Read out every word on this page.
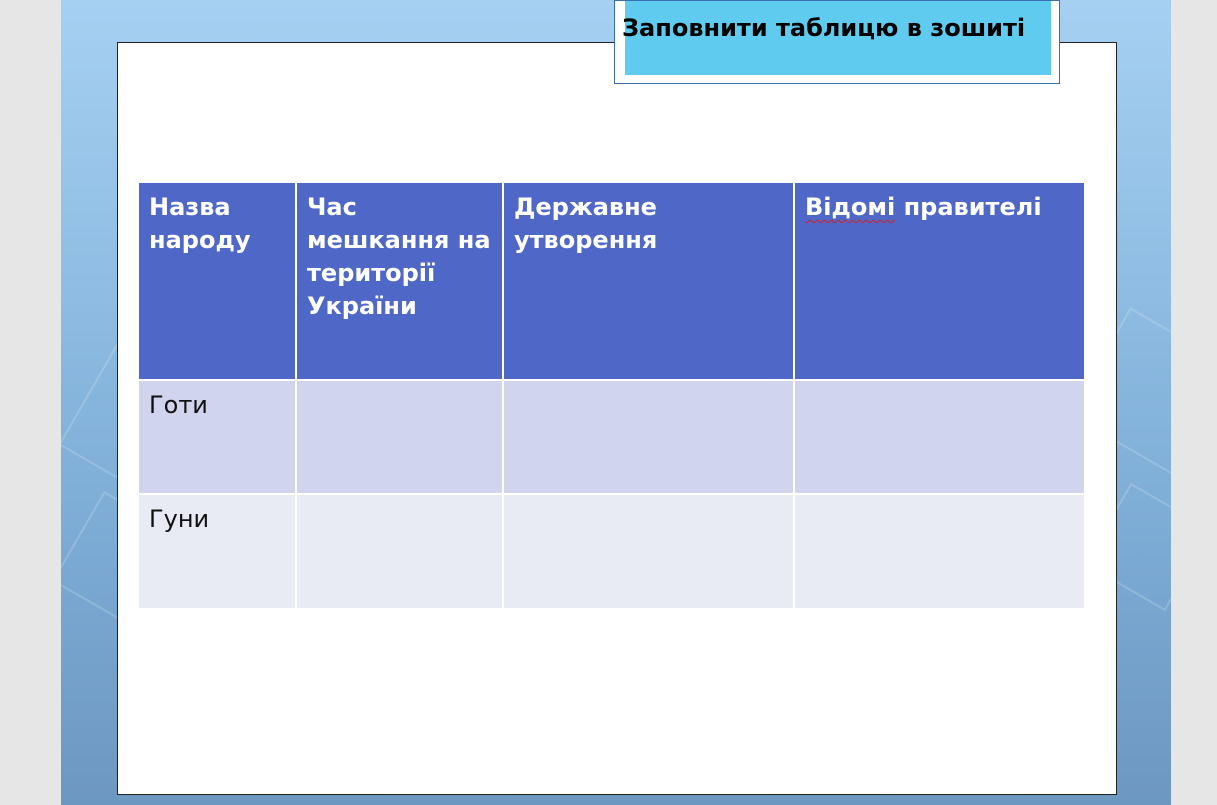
Заповнити таблицю в зошиті
Назва народу	Час мешкання на території України	Державне утворення	Відомі правителі
Готи			
Гуни			
